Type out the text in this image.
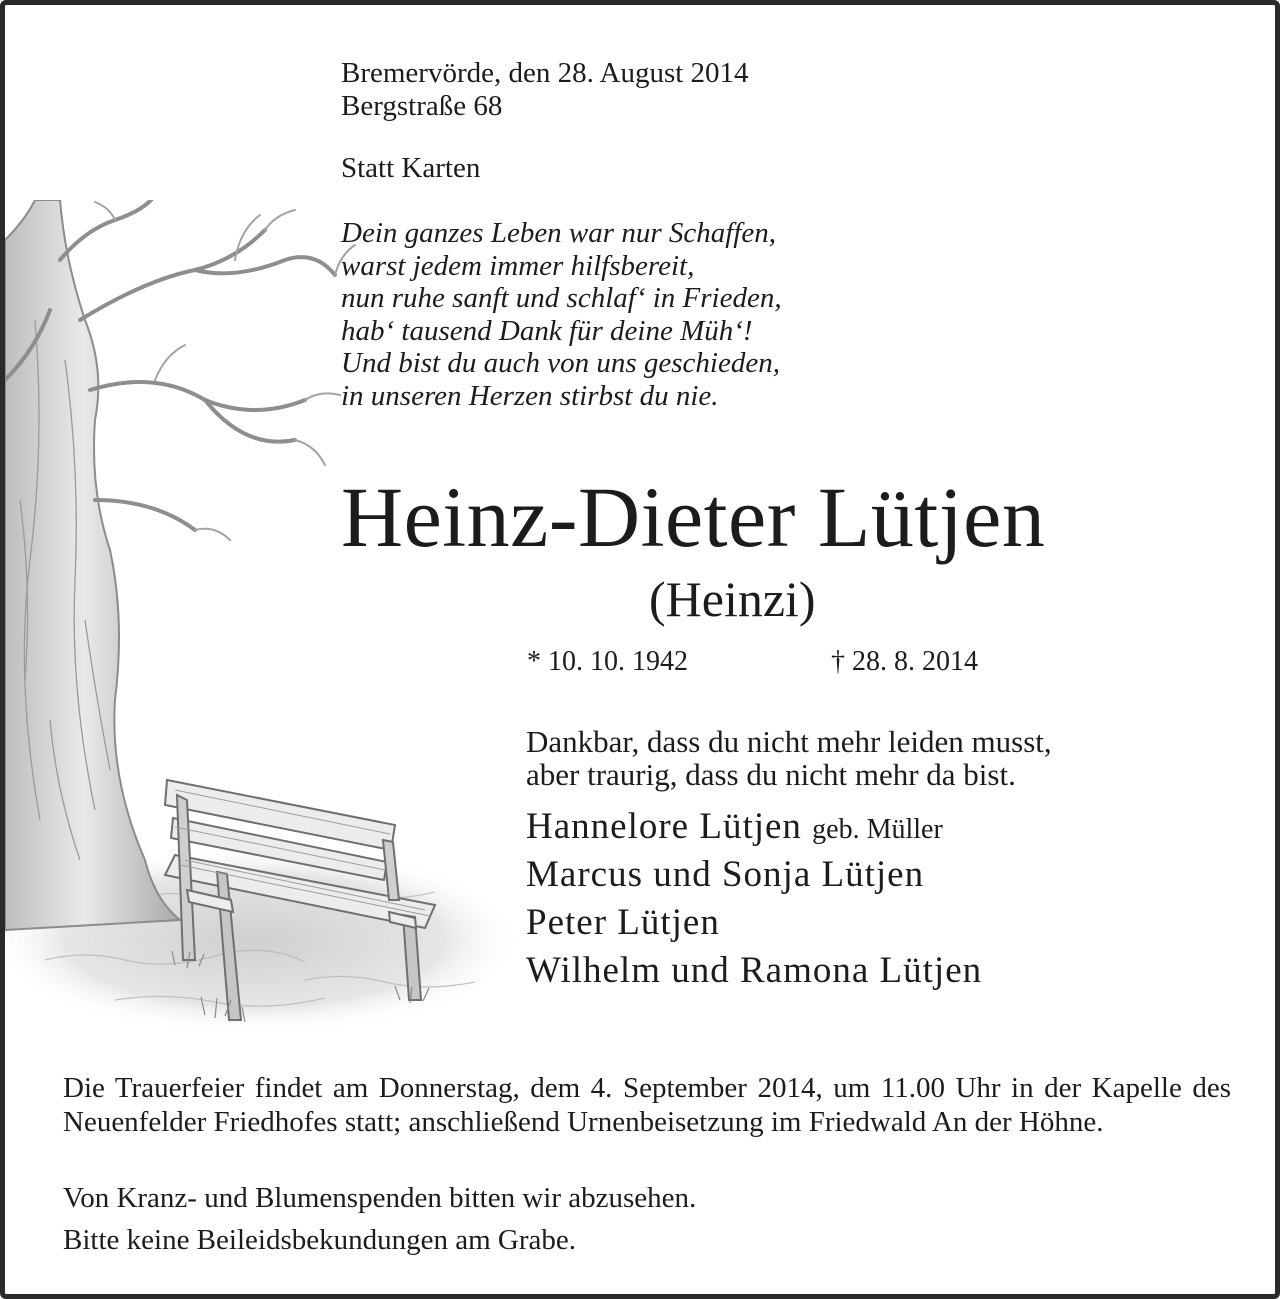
Bremervörde, den 28. August 2014

Bergstraße 68

Statt Karten

Dein ganzes Leben war nur Schaffen,
warst jedem immer hilfsbereit,
nun ruhe sanft und schlaf‘ in Frieden,
hab‘ tausend Dank für deine Müh‘!
Und bist du auch von uns geschieden,
in unseren Herzen stirbst du nie.
Heinz-Dieter Lütjen

(Heinzi)

* 10. 10. 1942	† 28. 8. 2014

Dankbar, dass du nicht mehr leiden musst,
aber traurig, dass du nicht mehr da bist.

Hannelore Lütjen geb. Müller

Marcus und Sonja Lütjen

Peter Lütjen

Wilhelm und Ramona Lütjen

Die Trauerfeier findet am Donnerstag, dem 4. September 2014, um 11.00 Uhr in der Kapelle des Neuenfelder Friedhofes statt; anschließend Urnenbeisetzung im Friedwald An der Höhne.

Von Kranz- und Blumenspenden bitten wir abzusehen.

Bitte keine Beileidsbekundungen am Grabe.
